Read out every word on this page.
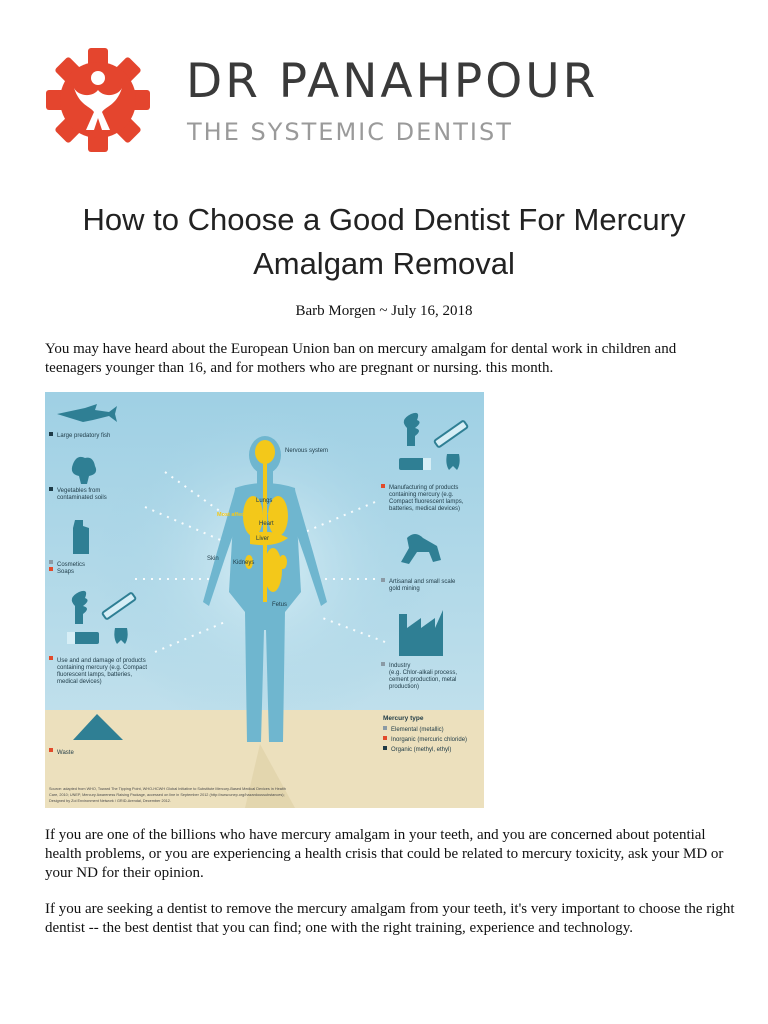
DR PANAHPOUR
THE SYSTEMIC DENTIST
How to Choose a Good Dentist For Mercury Amalgam Removal
Barb Morgen ~ July 16, 2018
You may have heard about the European Union ban on mercury amalgam for dental work in children and teenagers younger than 16, and for mothers who are pregnant or nursing. this month.
Nervous system
Lungs
Heart
Liver
Kidneys
Skin
Fetus
Most affected organs
Large predatory fish
Vegetables from
contaminated soils
Cosmetics
Soaps
Use and and damage of products
containing mercury (e.g. Compact
fluorescent lamps, batteries,
medical devices)
Waste
Manufacturing of products
containing mercury (e.g.
Compact fluorescent lamps,
batteries, medical devices)
Artisanal and small scale
gold mining
Industry
(e.g. Chlor-alkali process,
cement production, metal
production)
Mercury type
Elemental (metallic)
Inorganic (mercuric chloride)
Organic (methyl, ethyl)
Source: adapted from WHO, Toward The Tipping Point, WHO-HCWH Global Initiative to Substitute Mercury-Based Medical Devices in Health
Care, 2010; UNEP, Mercury Awareness Raising Package, accessed on line in September 2012 (http://www.unep.org/hazardoussubstances);
Designed by Zoi Environment Network / GRID-Arendal, December 2012.
If you are one of the billions who have mercury amalgam in your teeth, and you are concerned about potential health problems, or you are experiencing a health crisis that could be related to mercury toxicity, ask your MD or your ND for their opinion.
If you are seeking a dentist to remove the mercury amalgam from your teeth, it's very important to choose the right dentist -- the best dentist that you can find; one with the right training, experience and technology.
